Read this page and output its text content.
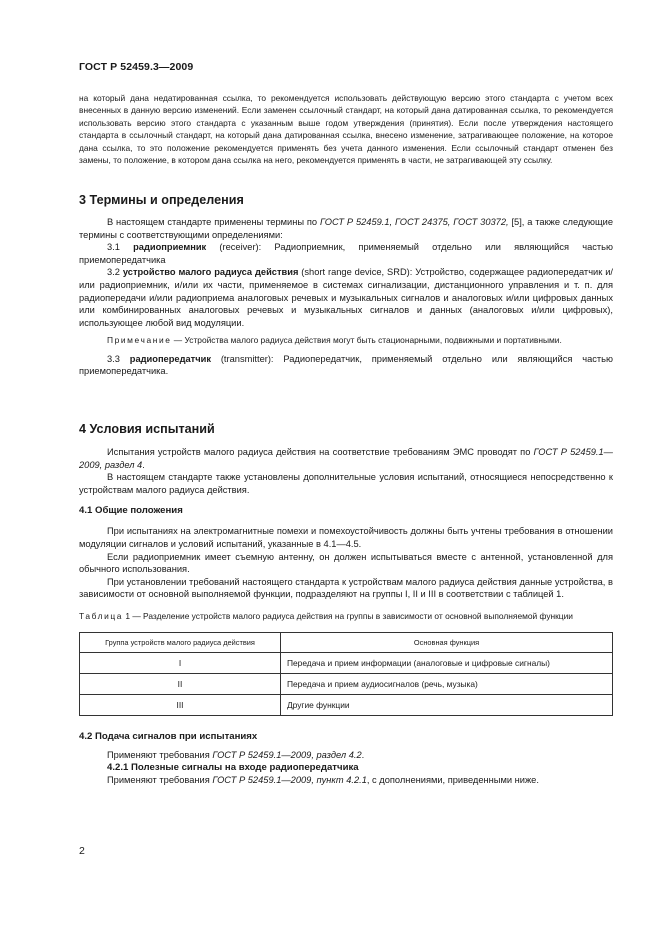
ГОСТ Р 52459.3—2009

на который дана недатированная ссылка, то рекомендуется использовать действующую версию этого стандарта с учетом всех внесенных в данную версию изменений. Если заменен ссылочный стандарт, на который дана датированная ссылка, то рекомендуется использовать версию этого стандарта с указанным выше годом утверждения (принятия). Если после утверждения настоящего стандарта в ссылочный стандарт, на который дана датированная ссылка, внесено изменение, затрагивающее положение, на которое дана ссылка, то это положение рекомендуется применять без учета данного изменения. Если ссылочный стандарт отменен без замены, то положение, в котором дана ссылка на него, рекомендуется применять в части, не затрагивающей эту ссылку.

3 Термины и определения

В настоящем стандарте применены термины по ГОСТ Р 52459.1, ГОСТ 24375, ГОСТ 30372, [5], а также следующие термины с соответствующими определениями:

3.1 радиоприемник (receiver): Радиоприемник, применяемый отдельно или являющийся частью приемопередатчика

3.2 устройство малого радиуса действия (short range device, SRD): Устройство, содержащее радиопередатчик и/или радиоприемник, и/или их части, применяемое в системах сигнализации, дистанционного управления и т. п. для радиопередачи и/или радиоприема аналоговых речевых и музыкальных сигналов и аналоговых и/или цифровых данных или комбинированных аналоговых речевых и музыкальных сигналов и данных (аналоговых и/или цифровых), использующее любой вид модуляции.

Примечание — Устройства малого радиуса действия могут быть стационарными, подвижными и портативными.

3.3 радиопередатчик (transmitter): Радиопередатчик, применяемый отдельно или являющийся частью приемопередатчика.

4 Условия испытаний

Испытания устройств малого радиуса действия на соответствие требованиям ЭМС проводят по ГОСТ Р 52459.1—2009, раздел 4.

В настоящем стандарте также установлены дополнительные условия испытаний, относящиеся непосредственно к устройствам малого радиуса действия.

4.1 Общие положения

При испытаниях на электромагнитные помехи и помехоустойчивость должны быть учтены требования в отношении модуляции сигналов и условий испытаний, указанные в 4.1—4.5.

Если радиоприемник имеет съемную антенну, он должен испытываться вместе с антенной, установленной для обычного использования.

При установлении требований настоящего стандарта к устройствам малого радиуса действия данные устройства, в зависимости от основной выполняемой функции, подразделяют на группы I, II и III в соответствии с таблицей 1.

Таблица 1 — Разделение устройств малого радиуса действия на группы в зависимости от основной выполняемой функции

Группа устройств малого радиуса действия	Основная функция
I	Передача и прием информации (аналоговые и цифровые сигналы)
II	Передача и прием аудиосигналов (речь, музыка)
III	Другие функции

4.2 Подача сигналов при испытаниях

Применяют требования ГОСТ Р 52459.1—2009, раздел 4.2.

4.2.1 Полезные сигналы на входе радиопередатчика

Применяют требования ГОСТ Р 52459.1—2009, пункт 4.2.1, с дополнениями, приведенными ниже.

2
